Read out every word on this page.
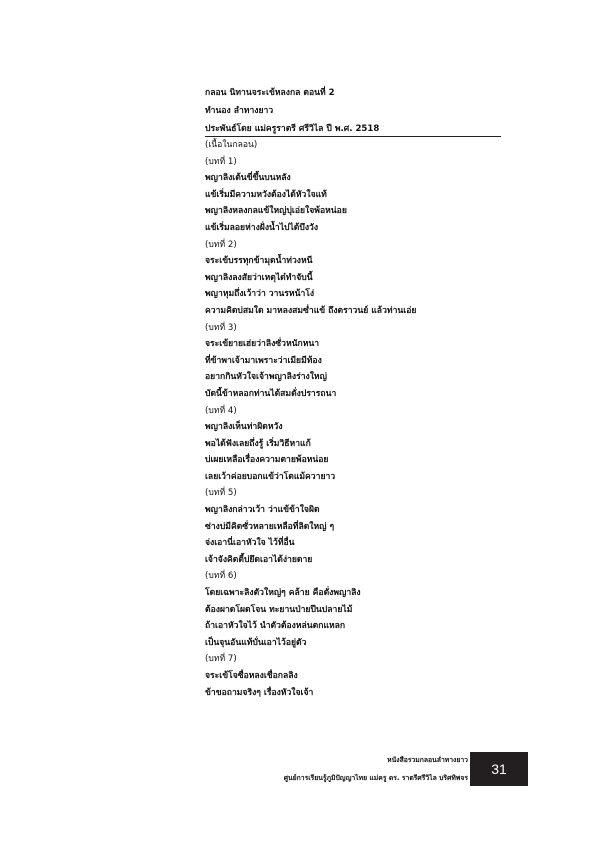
กลอน นิทานจระเข้หลงกล ตอนที่ 2
ทำนอง ลำทางยาว
ประพันธ์โดย แม่ครูราตรี ศรีวิไล ปี พ.ศ. 2518
(เนื้อในกลอน)
(บทที่ 1)
พญาลิงเต้นขี่ขึ้นบนหลัง
แข้เริ่มมีความหวังต้องได้หัวใจแท้
พญาลิงหลงกลแข้ใหญ่บุ่เอ่ยใจพ้อหน่อย
แข้เริ่มลอยห่างฝั่งน้ำไปได้บึงวัง
(บทที่ 2)
จระเข้บรรทุกข้ามุดน้ำท่วงหนี
พญาลิงลงสัยว่าเหตุได๋ทำจับนี้
พญาหุมถึ่งเว้าว่า วานรหน้าโง่
ความคิดบ่สมใด มาหลงสมซ่ำแข้ ถึงตราวนย์ แล้วท่านเอ่ย
(บทที่ 3)
จระเข้ยายเฮ่ยว่าลิงซั่วหนักหนา
ที่ข้าพาเจ้ามาเพราะว่าเมียมีท้อง
อยากกินหัวใจเจ้าพญาลิงร่างใหญ่
บัดนี้ข้าหลอกท่านได้สมดั่งปรารถนา
(บทที่ 4)
พญาลิงเห็นท่าผิดหวัง
พอได้ฟังเลยถึ่งรู้ เริ่มวิธีหาแก้
บ่เผยเหลือเรื่องความตายพ้อหน่อย
เลยเว้าค่อยบอกแข้ว่าโตแม้ควายาว
(บทที่ 5)
พญาลิงกล่าวเว้า ว่าแข้ข้าใจผิด
ซ่างบ่มีคิดซั่วหลายเหลือที่ลิดใหญ่ ๆ
จ่งเอานี่เอาหัวใจ ไว้ที่อื่น
เจ้าจังคิดตี้บ่ยึดเอาได้ง่ายดาย
(บทที่ 6)
โดยเฉพาะลิงตัวใหญ่ๆ คล้าย คือดั่งพญาลิง
ต้องผาดโผดโจน ทะยานป่ายปีนปลายไม้
ถ้าเอาหัวใจไว้ นำตัวต้องหล่นตกแหลก
เป็นจุนอันแท้บั่นเอาไว้อยู่ตัว
(บทที่ 7)
จระเข้โจซื่อหลงเชื่อกลลิง
ข้าขอถามจริงๆ เรื่องหัวใจเจ้า
หนังสือรวมกลอนลำทางยาว
ศูนย์การเรียนรู้ภูมิปัญญาไทย แม่ครู ดร. ราตรีศรีวิไล บริศทิพจร
31
